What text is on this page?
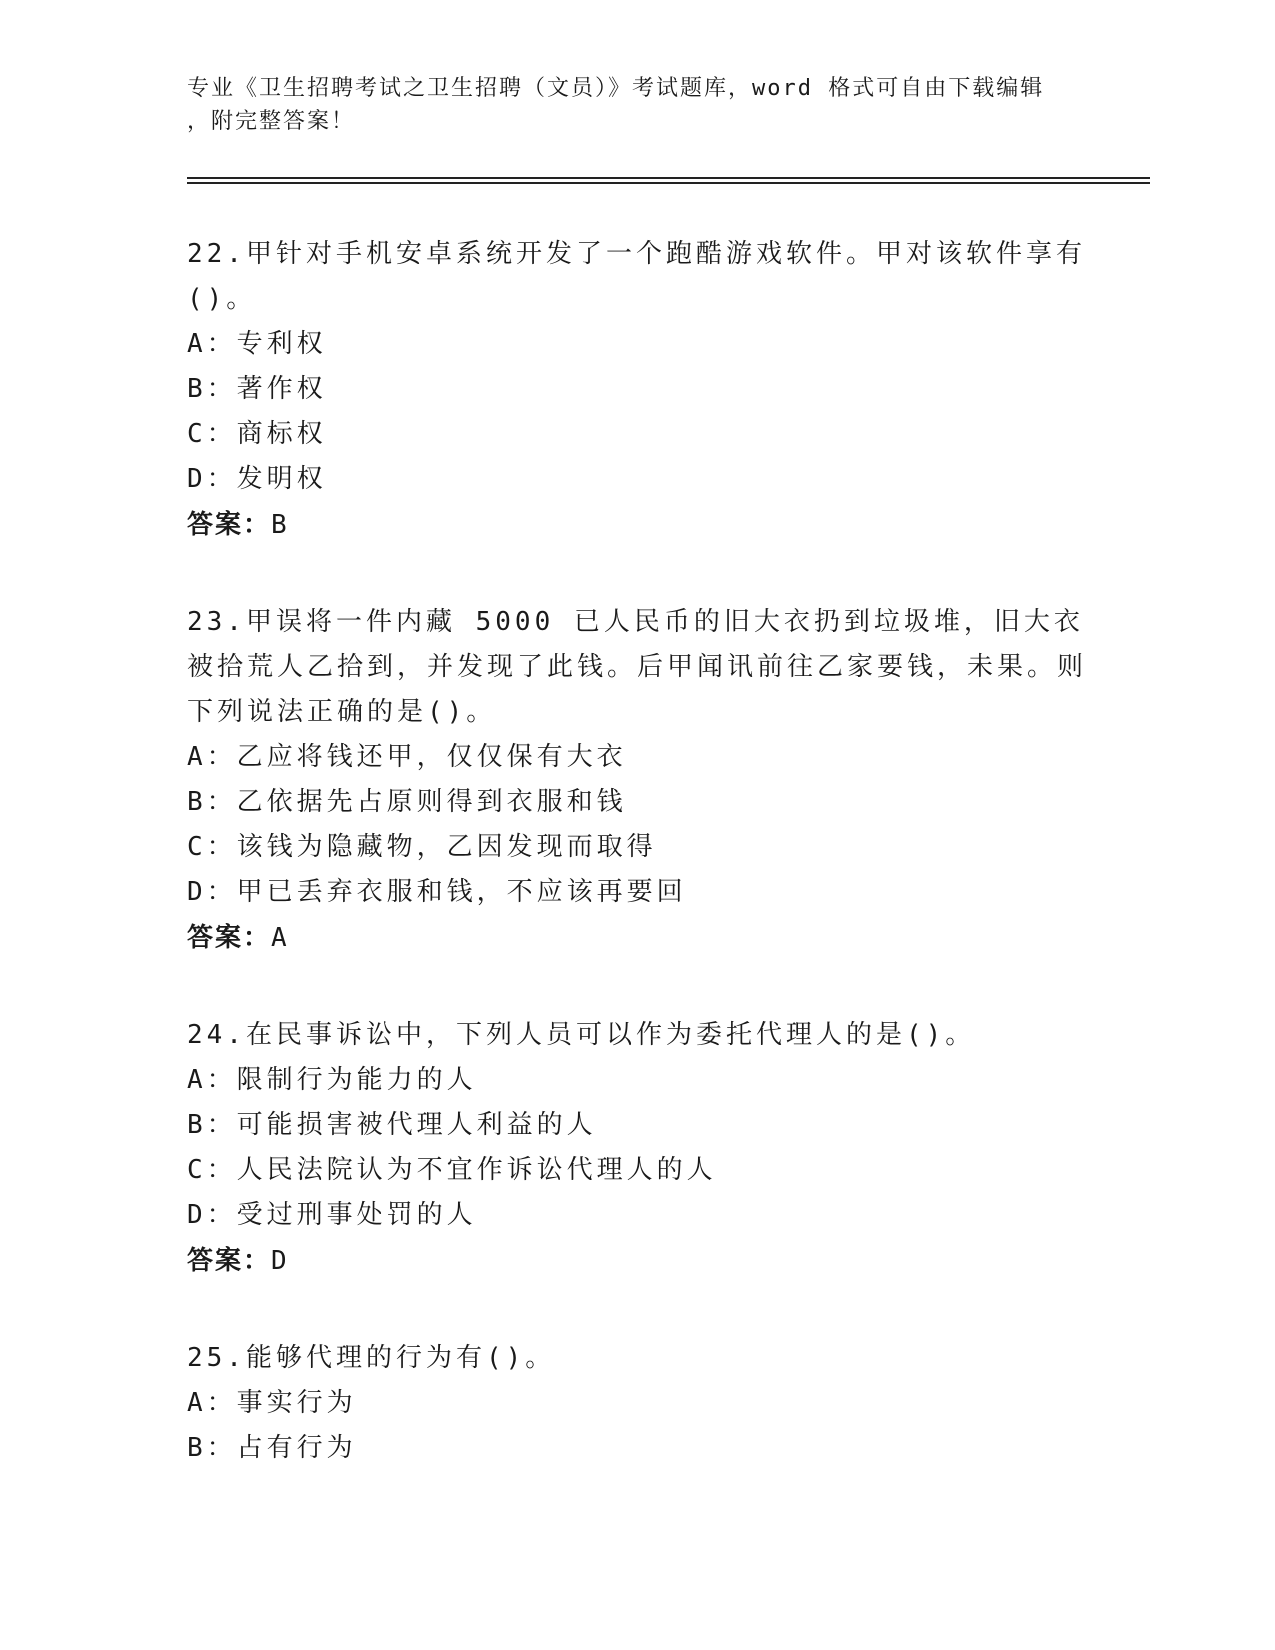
专业《卫生招聘考试之卫生招聘（文员）》考试题库，word 格式可自由下载编辑
，附完整答案！

22.甲针对手机安卓系统开发了一个跑酷游戏软件。甲对该软件享有()。

A：专利权

B：著作权

C：商标权

D：发明权

答案：B

23.甲误将一件内藏 5000 已人民币的旧大衣扔到垃圾堆，旧大衣被拾荒人乙拾到，并发现了此钱。后甲闻讯前往乙家要钱，未果。则下列说法正确的是()。

A：乙应将钱还甲，仅仅保有大衣

B：乙依据先占原则得到衣服和钱

C：该钱为隐藏物，乙因发现而取得

D：甲已丢弃衣服和钱，不应该再要回

答案：A

24.在民事诉讼中，下列人员可以作为委托代理人的是()。

A：限制行为能力的人

B：可能损害被代理人利益的人

C：人民法院认为不宜作诉讼代理人的人

D：受过刑事处罚的人

答案：D

25.能够代理的行为有()。

A：事实行为

B：占有行为
